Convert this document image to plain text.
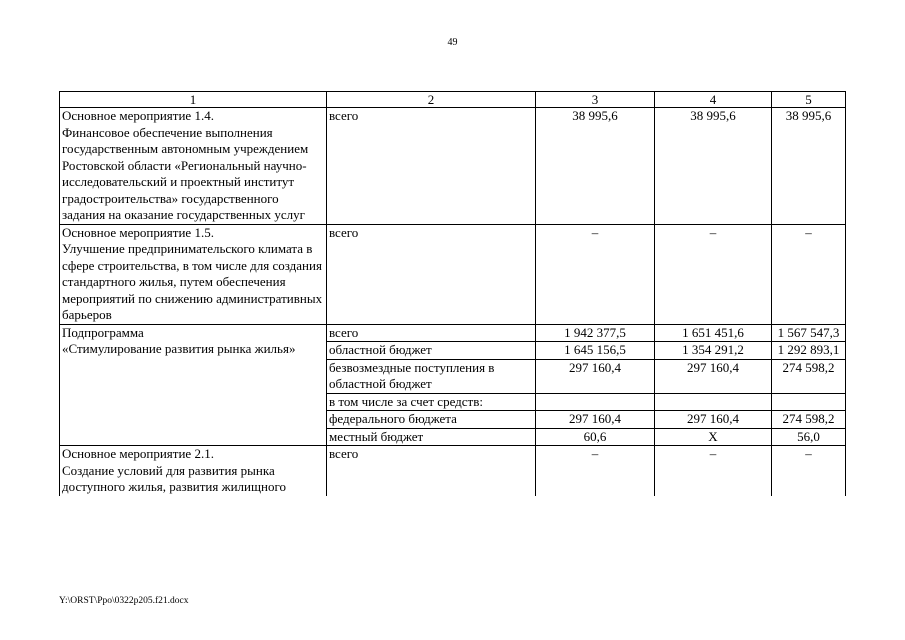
49
1	2	3	4	5
Основное мероприятие 1.4.
Финансовое обеспечение выполнения государственным автономным учреждением Ростовской области «Региональный научно-исследовательский и проектный институт градостроительства» государственного задания на оказание государственных услуг	всего	38 995,6	38 995,6	38 995,6
Основное мероприятие 1.5.
Улучшение предпринимательского климата в сфере строительства, в том числе для создания стандартного жилья, путем обеспечения мероприятий по снижению административных барьеров	всего	–	–	–
Подпрограмма
«Стимулирование развития рынка жилья»	всего	1 942 377,5	1 651 451,6	1 567 547,3
	областной бюджет	1 645 156,5	1 354 291,2	1 292 893,1
	безвозмездные поступления в областной бюджет	297 160,4	297 160,4	274 598,2
	в том числе за счет средств:			
	федерального бюджета	297 160,4	297 160,4	274 598,2
	местный бюджет	60,6	Х	56,0
Основное мероприятие 2.1.
Создание условий для развития рынка доступного жилья, развития жилищного	всего	–	–	–
Y:\ORST\Ppo\0322p205.f21.docx
